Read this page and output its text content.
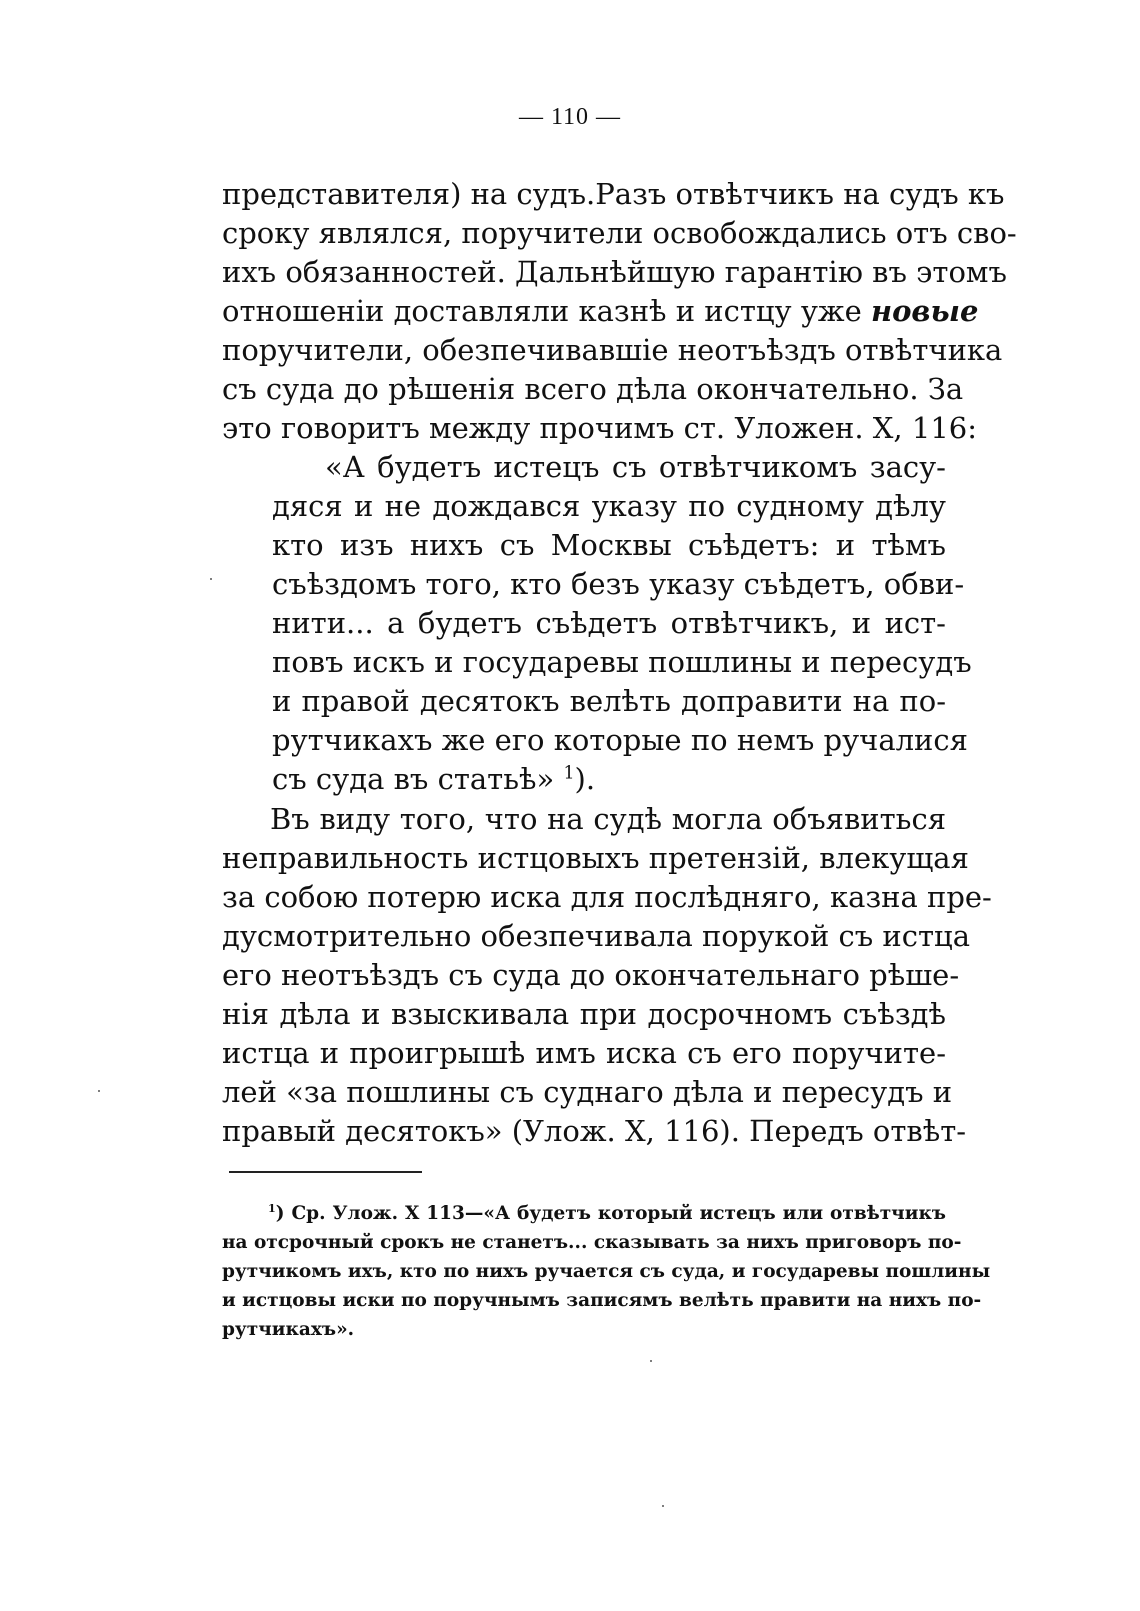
— 110 —
представителя) на судъ.Разъ отвѣтчикъ на судъ къ
сроку являлся, поручители освобождались отъ сво-
ихъ обязанностей. Дальнѣйшую гарантію въ этомъ
отношеніи доставляли казнѣ и истцу уже новые
поручители, обезпечивавшіе неотъѣздъ отвѣтчика
съ суда до рѣшенія всего дѣла окончательно. За
это говоритъ между прочимъ ст. Уложен. Х, 116:
«А будетъ истецъ съ отвѣтчикомъ засу-
дяся и не дождався указу по судному дѣлу
кто изъ нихъ съ Москвы съѣдетъ: и тѣмъ
съѣздомъ того, кто безъ указу съѣдетъ, обви-
нити... а будетъ съѣдетъ отвѣтчикъ, и ист-
повъ искъ и государевы пошлины и пересудъ
и правой десятокъ велѣть доправити на по-
рутчикахъ же его которые по немъ ручалися
съ суда въ статьѣ» $^1$).
Въ виду того, что на судѣ могла объявиться
неправильность истцовыхъ претензій, влекущая
за собою потерю иска для послѣдняго, казна пре-
дусмотрительно обезпечивала порукой съ истца
его неотъѣздъ съ суда до окончательнаго рѣше-
нія дѣла и взыскивала при досрочномъ съѣздѣ
истца и проигрышѣ имъ иска съ его поручите-
лей «за пошлины съ суднаго дѣла и пересудъ и
правый десятокъ» (Улож. Х, 116). Передъ отвѣт-
$^1$) Ср. Улож. Х 113—«А будетъ который истецъ или отвѣтчикъ
на отсрочный срокъ не станетъ... сказывать за нихъ приговоръ по-
рутчикомъ ихъ, кто по нихъ ручается съ суда, и государевы пошлины
и истцовы иски по поручнымъ записямъ велѣть правити на нихъ по-
рутчикахъ».
